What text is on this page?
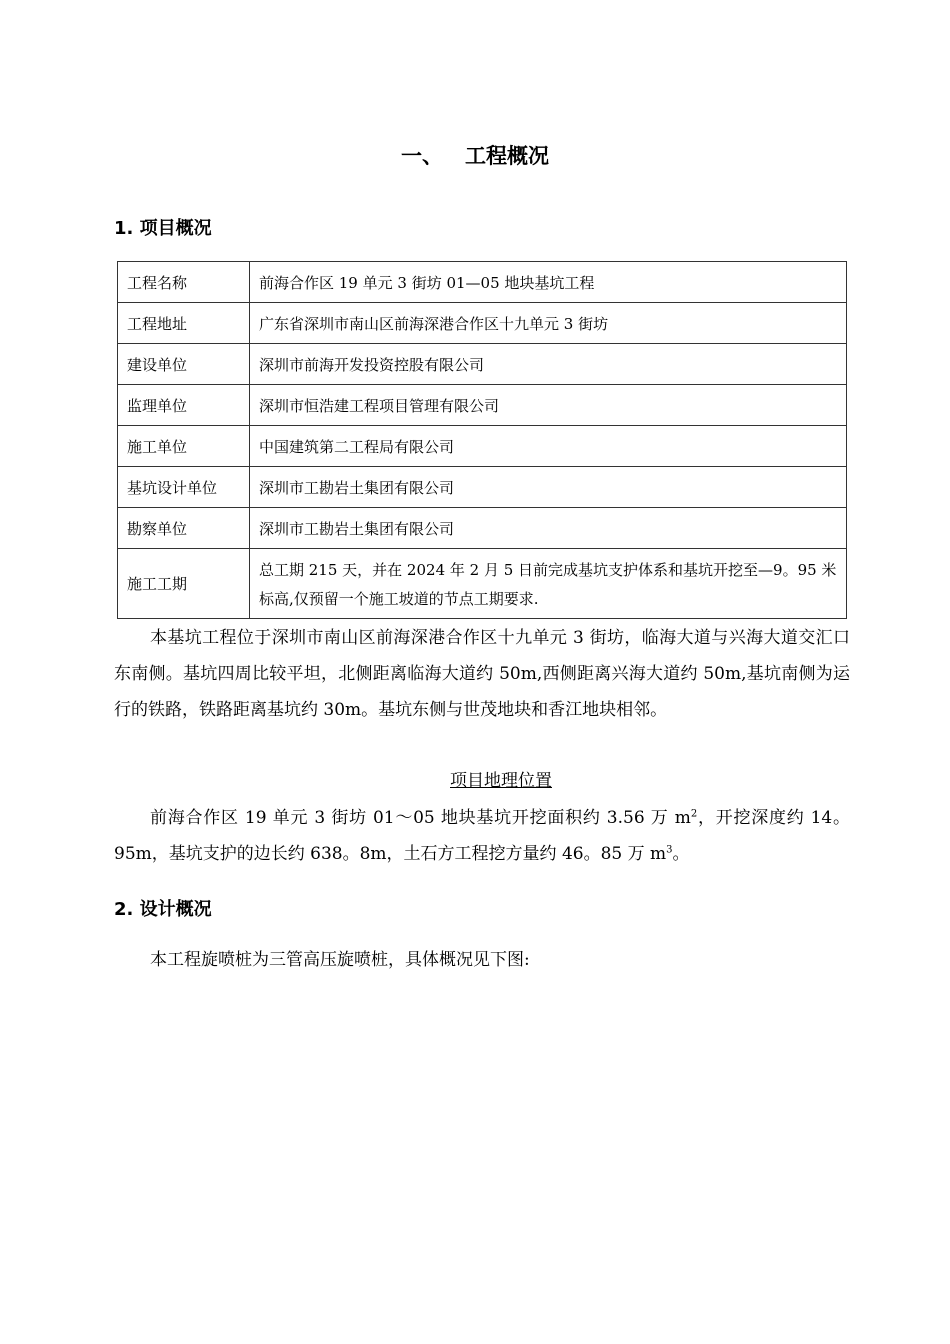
一、 工程概况
1. 项目概况
工程名称	前海合作区 19 单元 3 街坊 01—05 地块基坑工程
工程地址	广东省深圳市南山区前海深港合作区十九单元 3 街坊
建设单位	深圳市前海开发投资控股有限公司
监理单位	深圳市恒浩建工程项目管理有限公司
施工单位	中国建筑第二工程局有限公司
基坑设计单位	深圳市工勘岩土集团有限公司
勘察单位	深圳市工勘岩土集团有限公司
施工工期	总工期 215 天，并在 2024 年 2 月 5 日前完成基坑支护体系和基坑开挖至—9。95 米标高,仅预留一个施工坡道的节点工期要求.

本基坑工程位于深圳市南山区前海深港合作区十九单元 3 街坊，临海大道与兴海大道交汇口东南侧。基坑四周比较平坦，北侧距离临海大道约 50m,西侧距离兴海大道约 50m,基坑南侧为运行的铁路，铁路距离基坑约 30m。基坑东侧与世茂地块和香江地块相邻。

项目地理位置

前海合作区 19 单元 3 街坊 01～05 地块基坑开挖面积约 3.56 万 $m^2$，开挖深度约 14。95m，基坑支护的边长约 638。8m，土石方工程挖方量约 46。85 万 $m^3$。

2. 设计概况

本工程旋喷桩为三管高压旋喷桩，具体概况见下图:
